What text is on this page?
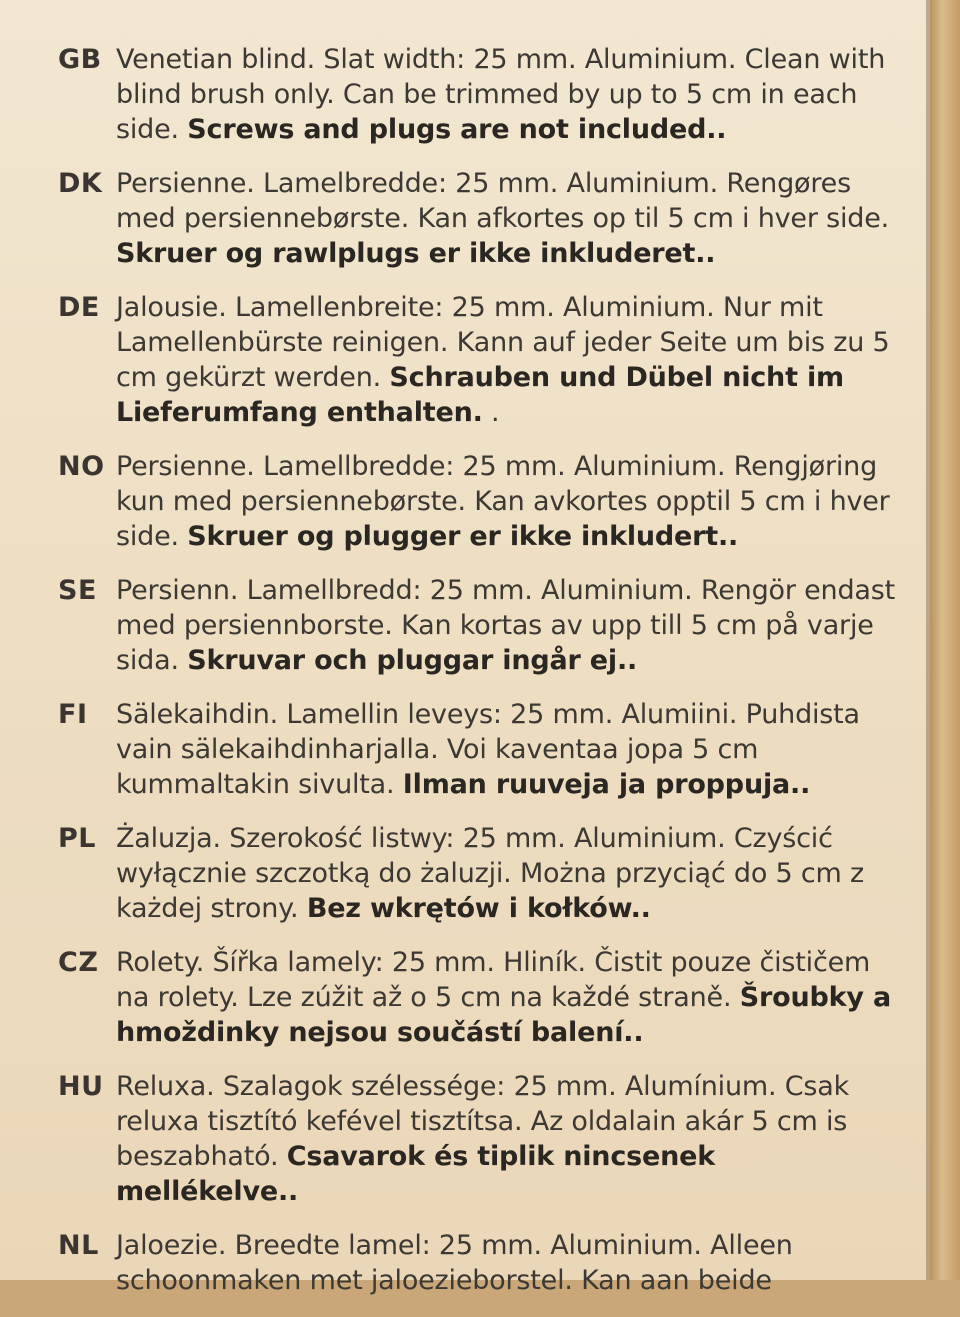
GB Venetian blind. Slat width: 25 mm. Aluminium. Clean with blind brush only. Can be trimmed by up to 5 cm in each side. Screws and plugs are not included..
DK Persienne. Lamelbredde: 25 mm. Aluminium. Rengøres med persiennebørste. Kan afkortes op til 5 cm i hver side. Skruer og rawlplugs er ikke inkluderet..
DE Jalousie. Lamellenbreite: 25 mm. Aluminium. Nur mit Lamellenbürste reinigen. Kann auf jeder Seite um bis zu 5 cm gekürzt werden. Schrauben und Dübel nicht im Lieferumfang enthalten. .
NO Persienne. Lamellbredde: 25 mm. Aluminium. Rengjøring kun med persiennebørste. Kan avkortes opptil 5 cm i hver side. Skruer og plugger er ikke inkludert..
SE Persienn. Lamellbredd: 25 mm. Aluminium. Rengör endast med persiennborste. Kan kortas av upp till 5 cm på varje sida. Skruvar och pluggar ingår ej..
FI	Sälekaihdin. Lamellin leveys: 25 mm. Alumiini. Puhdista vain sälekaihdinharjalla. Voi kaventaa jopa 5 cm kummaltakin sivulta. Ilman ruuveja ja proppuja..
PL Żaluzja. Szerokość listwy: 25 mm. Aluminium. Czyścić wyłącznie szczotką do żaluzji. Można przyciąć do 5 cm z każdej strony. Bez wkrętów i kołków..
CZ Rolety. Šířka lamely: 25 mm. Hliník. Čistit pouze čističem na rolety. Lze zúžit až o 5 cm na každé straně. Šroubky a hmoždinky nejsou součástí balení..
HU Reluxa. Szalagok szélessége: 25 mm. Alumínium. Csak reluxa tisztító kefével tisztítsa. Az oldalain akár 5 cm is beszabható. Csavarok és tiplik nincsenek mellékelve..
NL Jaloezie. Breedte lamel: 25 mm. Aluminium. Alleen schoonmaken met jaloezieborstel. Kan aan beide
